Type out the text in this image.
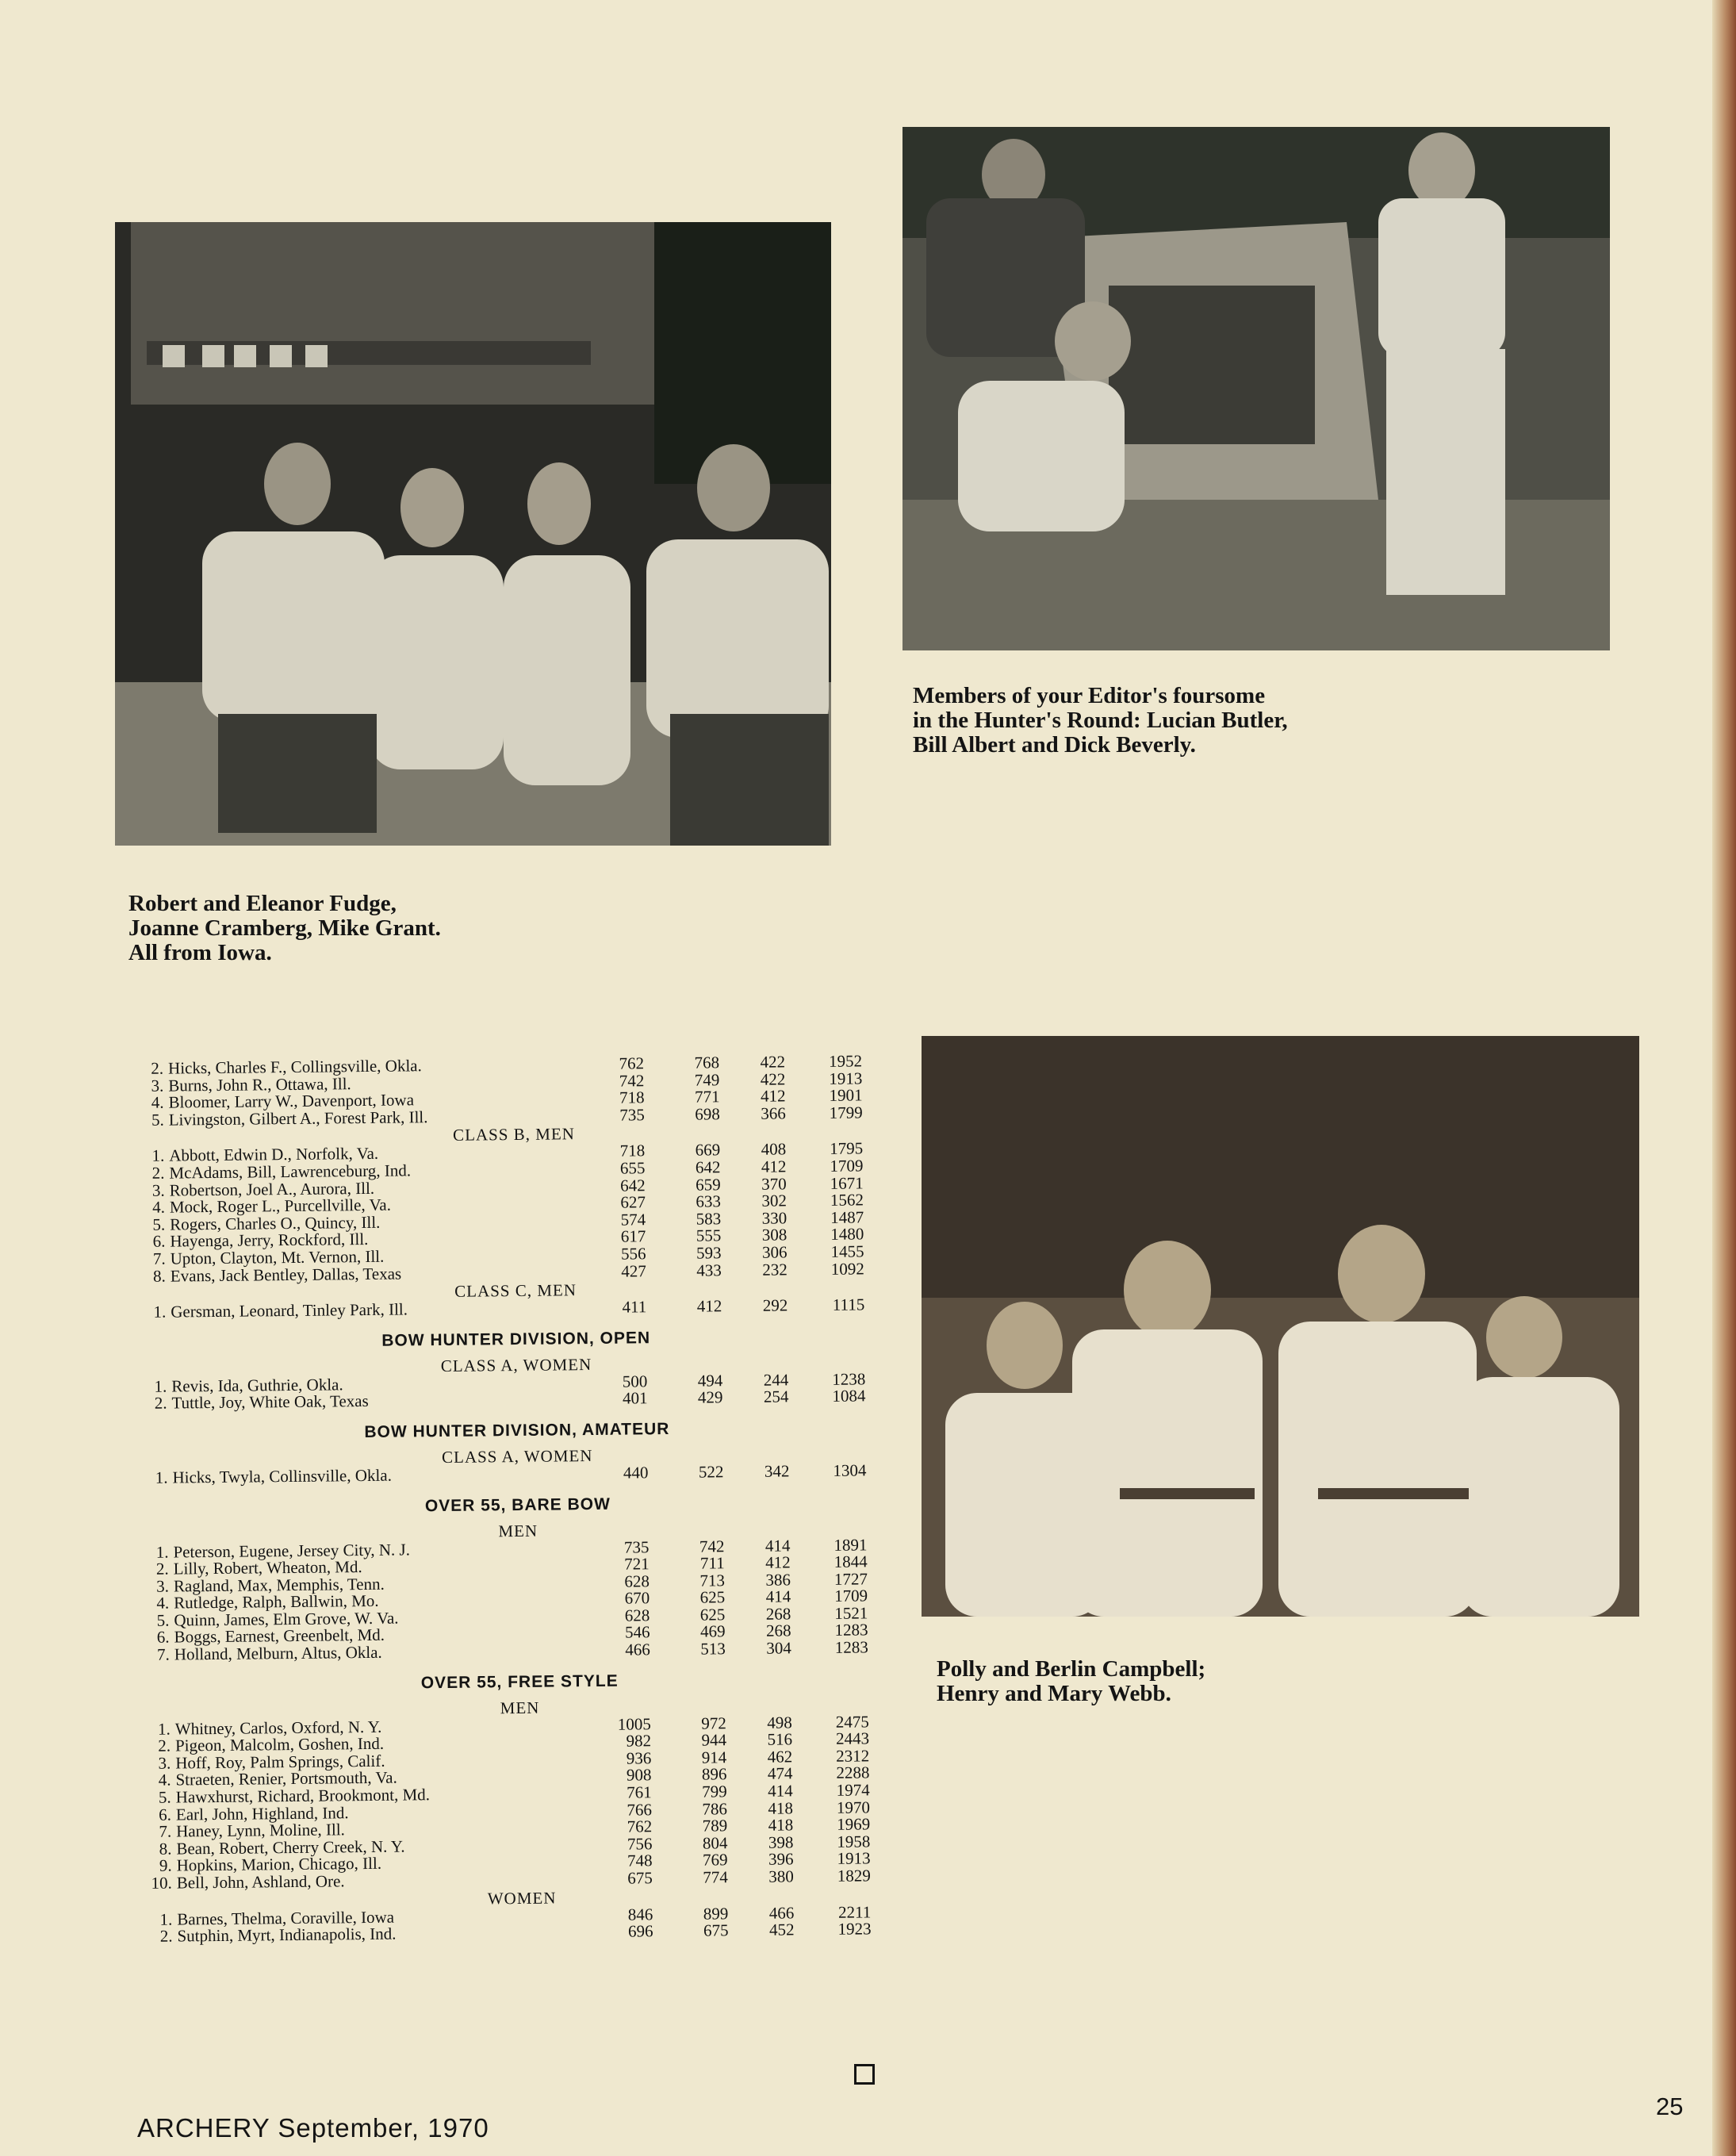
Robert and Eleanor Fudge,
Joanne Cramberg, Mike Grant.
All from Iowa.
Members of your Editor's foursome
in the Hunter's Round: Lucian Butler,
Bill Albert and Dick Beverly.
Polly and Berlin Campbell;
Henry and Mary Webb.
2. Hicks, Charles F., Collingsville, Okla.	762	768	422	1952
3. Burns, John R., Ottawa, Ill.	742	749	422	1913
4. Bloomer, Larry W., Davenport, Iowa	718	771	412	1901
5. Livingston, Gilbert A., Forest Park, Ill.	735	698	366	1799
CLASS B, MEN
1. Abbott, Edwin D., Norfolk, Va.	718	669	408	1795
2. McAdams, Bill, Lawrenceburg, Ind.	655	642	412	1709
3. Robertson, Joel A., Aurora, Ill.	642	659	370	1671
4. Mock, Roger L., Purcellville, Va.	627	633	302	1562
5. Rogers, Charles O., Quincy, Ill.	574	583	330	1487
6. Hayenga, Jerry, Rockford, Ill.	617	555	308	1480
7. Upton, Clayton, Mt. Vernon, Ill.	556	593	306	1455
8. Evans, Jack Bentley, Dallas, Texas	427	433	232	1092
CLASS C, MEN
1. Gersman, Leonard, Tinley Park, Ill.	411	412	292	1115
BOW HUNTER DIVISION, OPEN
CLASS A, WOMEN
1. Revis, Ida, Guthrie, Okla.	500	494	244	1238
2. Tuttle, Joy, White Oak, Texas	401	429	254	1084
BOW HUNTER DIVISION, AMATEUR
CLASS A, WOMEN
1. Hicks, Twyla, Collinsville, Okla.	440	522	342	1304
OVER 55, BARE BOW
MEN
1. Peterson, Eugene, Jersey City, N. J.	735	742	414	1891
2. Lilly, Robert, Wheaton, Md.	721	711	412	1844
3. Ragland, Max, Memphis, Tenn.	628	713	386	1727
4. Rutledge, Ralph, Ballwin, Mo.	670	625	414	1709
5. Quinn, James, Elm Grove, W. Va.	628	625	268	1521
6. Boggs, Earnest, Greenbelt, Md.	546	469	268	1283
7. Holland, Melburn, Altus, Okla.	466	513	304	1283
OVER 55, FREE STYLE
MEN
1. Whitney, Carlos, Oxford, N. Y.	1005	972	498	2475
2. Pigeon, Malcolm, Goshen, Ind.	982	944	516	2443
3. Hoff, Roy, Palm Springs, Calif.	936	914	462	2312
4. Straeten, Renier, Portsmouth, Va.	908	896	474	2288
5. Hawxhurst, Richard, Brookmont, Md.	761	799	414	1974
6. Earl, John, Highland, Ind.	766	786	418	1970
7. Haney, Lynn, Moline, Ill.	762	789	418	1969
8. Bean, Robert, Cherry Creek, N. Y.	756	804	398	1958
9. Hopkins, Marion, Chicago, Ill.	748	769	396	1913
10. Bell, John, Ashland, Ore.	675	774	380	1829
WOMEN
1. Barnes, Thelma, Coraville, Iowa	846	899	466	2211
2. Sutphin, Myrt, Indianapolis, Ind.	696	675	452	1923
ARCHERY September, 1970
25
